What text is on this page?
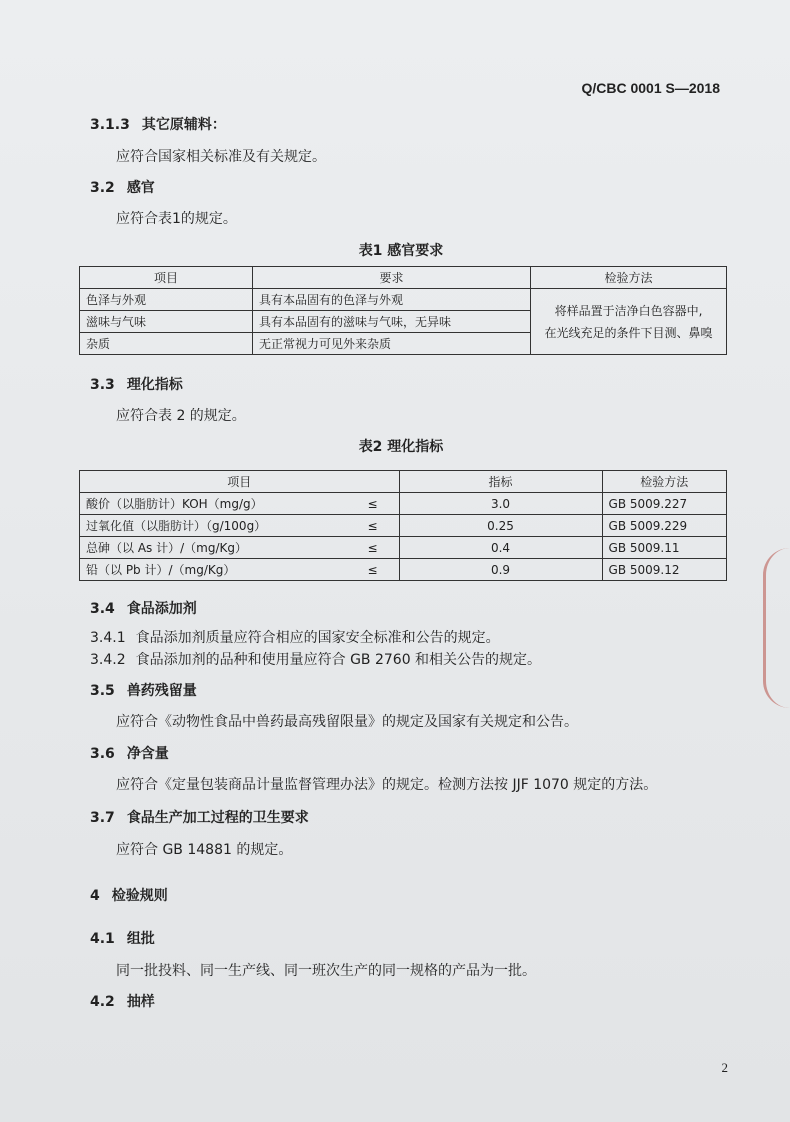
Q/CBC 0001 S—2018
3.1.3 其它原辅料：
应符合国家相关标准及有关规定。
3.2 感官
应符合表1的规定。
表1 感官要求
项目	要求	检验方法
色泽与外观	具有本品固有的色泽与外观	将样品置于洁净白色容器中,
在光线充足的条件下目测、鼻嗅

滋味与气味	具有本品固有的滋味与气味，无异味	
杂质	无正常视力可见外来杂质	
3.3 理化指标
应符合表 2 的规定。
表2 理化指标
项目		指标	检验方法
酸价（以脂肪计）KOH（mg/g）	≤	3.0	GB 5009.227
过氧化值（以脂肪计）（g/100g）	≤	0.25	GB 5009.229
总砷（以 As 计）/（mg/Kg）	≤	0.4	GB 5009.11
铅（以 Pb 计）/（mg/Kg）	≤	0.9	GB 5009.12
3.4 食品添加剂
3.4.1 食品添加剂质量应符合相应的国家安全标准和公告的规定。
3.4.2 食品添加剂的品种和使用量应符合 GB 2760 和相关公告的规定。
3.5 兽药残留量
应符合《动物性食品中兽药最高残留限量》的规定及国家有关规定和公告。
3.6 净含量
应符合《定量包装商品计量监督管理办法》的规定。检测方法按 JJF 1070 规定的方法。
3.7 食品生产加工过程的卫生要求
应符合 GB 14881 的规定。
4 检验规则
4.1 组批
同一批投料、同一生产线、同一班次生产的同一规格的产品为一批。
4.2 抽样
2
